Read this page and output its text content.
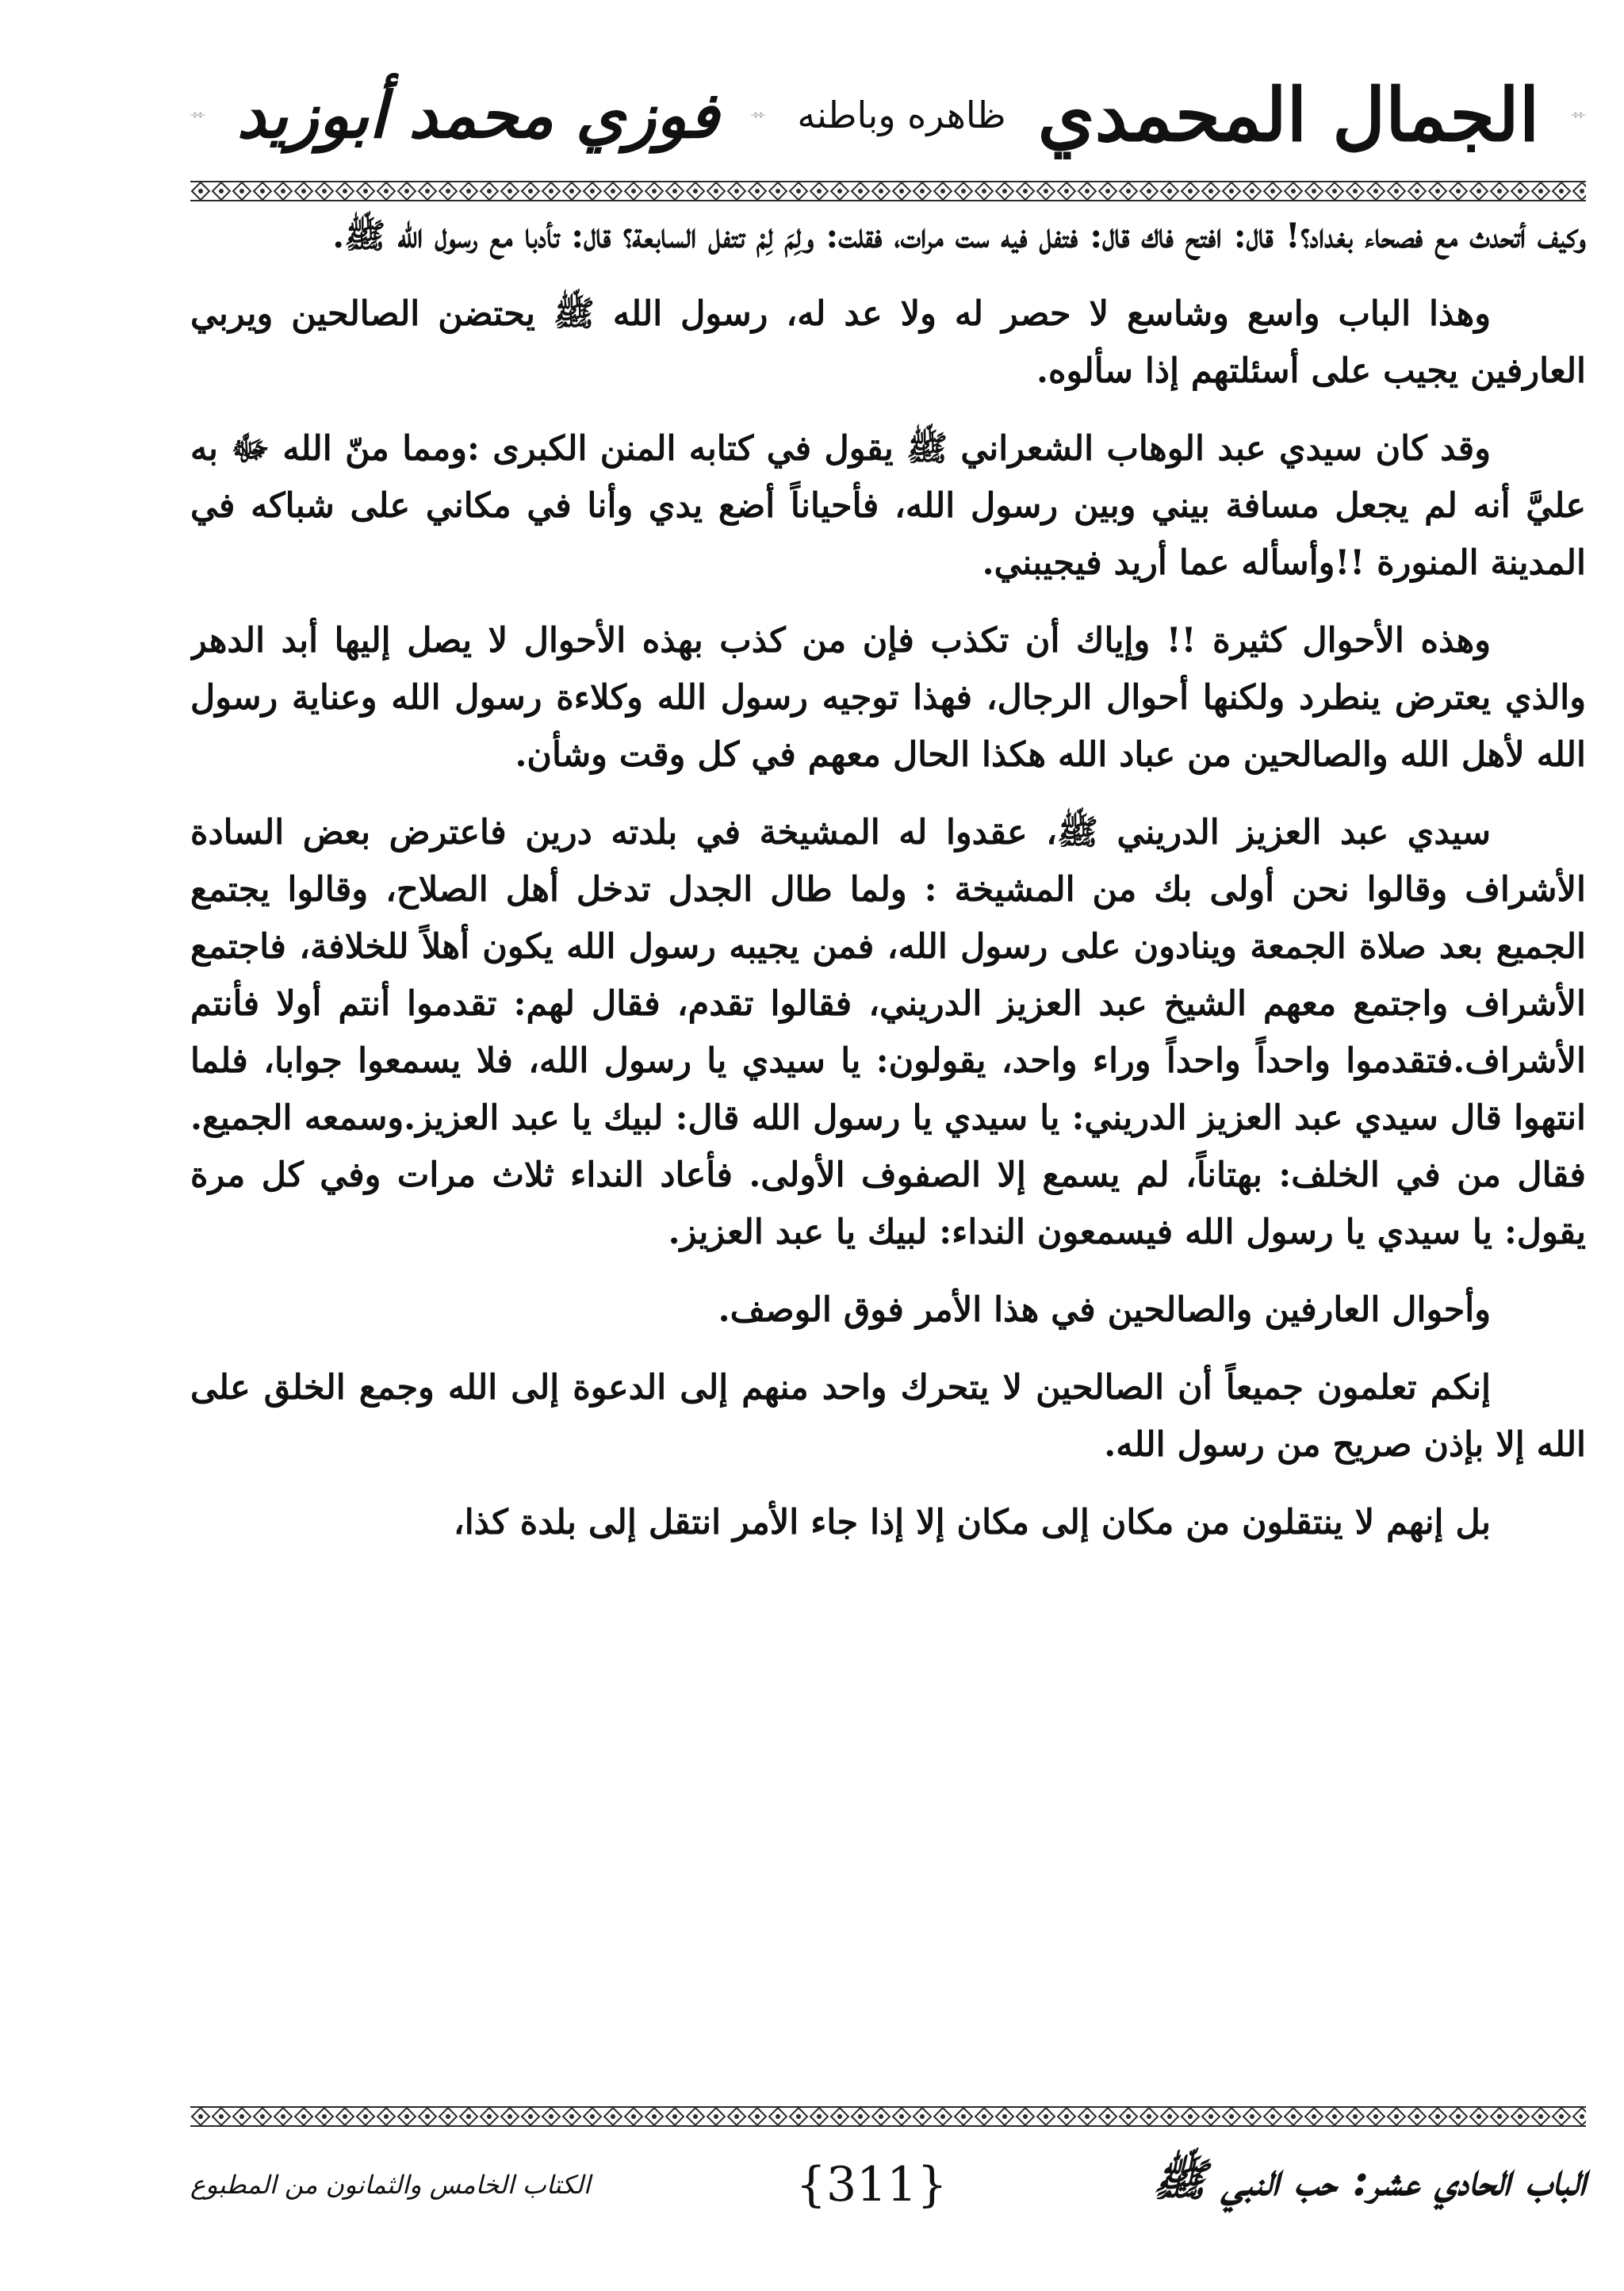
الجمال المحمدي
ظاهره وباطنه
فوزي محمد أبوزيد

وكيف أتحدث مع فصحاء بغداد؟! قال: افتح فاك قال: فتفل فيه ست مرات، فقلت: ولِمَ لِمْ تتفل السابعة؟ قال: تأدبا مع رسول الله ﷺ.

وهذا الباب واسع وشاسع لا حصر له ولا عد له، رسول الله ﷺ يحتضن الصالحين ويربي العارفين يجيب على أسئلتهم إذا سألوه.

وقد كان سيدي عبد الوهاب الشعراني ﷺ يقول في كتابه المنن الكبرى :ومما منّ الله ﷻ به عليَّ أنه لم يجعل مسافة بيني وبين رسول الله، فأحياناً أضع يدي وأنا في مكاني على شباكه في المدينة المنورة !!وأسأله عما أريد فيجيبني.

وهذه الأحوال كثيرة !! وإياك أن تكذب فإن من كذب بهذه الأحوال لا يصل إليها أبد الدهر والذي يعترض ينطرد ولكنها أحوال الرجال، فهذا توجيه رسول الله وكلاءة رسول الله وعناية رسول الله لأهل الله والصالحين من عباد الله هكذا الحال معهم في كل وقت وشأن.

سيدي عبد العزيز الدريني ﷺ، عقدوا له المشيخة في بلدته درين فاعترض بعض السادة الأشراف وقالوا نحن أولى بك من المشيخة : ولما طال الجدل تدخل أهل الصلاح، وقالوا يجتمع الجميع بعد صلاة الجمعة وينادون على رسول الله، فمن يجيبه رسول الله يكون أهلاً للخلافة، فاجتمع الأشراف واجتمع معهم الشيخ عبد العزيز الدريني، فقالوا تقدم، فقال لهم: تقدموا أنتم أولا فأنتم الأشراف.فتقدموا واحداً واحداً وراء واحد، يقولون: يا سيدي يا رسول الله، فلا يسمعوا جوابا، فلما انتهوا قال سيدي عبد العزيز الدريني: يا سيدي يا رسول الله قال: لبيك يا عبد العزيز.وسمعه الجميع. فقال من في الخلف: بهتاناً، لم يسمع إلا الصفوف الأولى. فأعاد النداء ثلاث مرات وفي كل مرة يقول: يا سيدي يا رسول الله فيسمعون النداء: لبيك يا عبد العزيز.

وأحوال العارفين والصالحين في هذا الأمر فوق الوصف.

إنكم تعلمون جميعاً أن الصالحين لا يتحرك واحد منهم إلى الدعوة إلى الله وجمع الخلق على الله إلا بإذن صريح من رسول الله.

بل إنهم لا ينتقلون من مكان إلى مكان إلا إذا جاء الأمر انتقل إلى بلدة كذا،

الباب الحادي عشر: حب النبي ﷺ
{311}
الكتاب الخامس والثمانون من المطبوع
